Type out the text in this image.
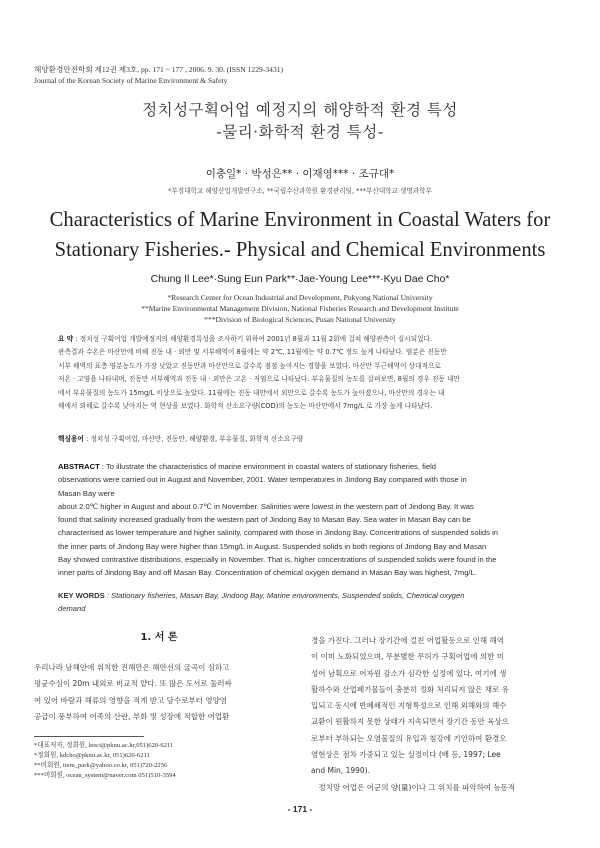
해양환경안전학회 제12권 제3호, pp. 171 ~ 177 , 2006. 9. 30. (ISSN 1229-3431)
Journal of the Korean Society of Marine Environment & Safety
정치성구획어업 예정지의 해양학적 환경 특성
-물리·화학적 환경 특성-
이충일* · 박성은** · 이재영*** · 조규대*
*부경대학교 해양산업개발연구소, **국립수산과학원 환경관리팀, ***부산대학교 생명과학부
Characteristics of Marine Environment in Coastal Waters for
Stationary Fisheries.- Physical and Chemical Environments
Chung Il Lee*·Sung Eun Park**·Jae-Young Lee***·Kyu Dae Cho*
*Research Center for Ocean Industrial and Development, Pukyong National University
**Marine Environmental Management Division, National Fisheries Research and Development Institute
***Division of Biological Sciences, Pusan National University
요 약 : 정치성 구획어업 개발예정지의 해양환경특성을 조사하기 위하여 2001년 8월과 11월 2회에 걸쳐 해양관측이 실시되었다.
관측결과 수온은 마산만에 비해 진동 내 · 외만 및 서부해역이 8월에는 약 2℃, 11월에는 약 0.7℃ 정도 높게 나타났다. 염분은 진동만
서부 해역의 표층 염분농도가 가장 낮았고 진동만과 마산만으로 갈수록 점점 높아지는 경향을 보였다. 마산만 무근해역이 상대적으로
저온 · 고염을 나타내며, 진동만 서부해역과 진동 내 · 외만은 고온 · 저염으로 나타났다. 부유물질의 농도를 살펴보면, 8월의 경우 진동 내만
에서 부유물질의 농도가 15mg/L 이상으로 높았다. 11월에는 진동 내만에서 외만으로 갈수록 농도가 높아졌으나, 마산만의 경우는 내
해에서 외해로 갈수록 낮아지는 역 현상을 보였다. 화학적 산소요구량(COD)의 농도는 마산만에서 7mg/L 로 가장 높게 나타났다.
핵심용어 : 정치성 구획어업, 마산만, 진동만, 해양환경, 부유물질, 화학적 산소요구량
ABSTRACT : To illustrate the characteristics of marine environment in coastal waters of stationary fisheries, field
observations were carried out in August and November, 2001. Water temperatures in Jindong Bay compared with those in
Masan Bay were
about 2.0℃ higher in August and about 0.7℃ in November. Salinities were lowest in the western part of Jindong Bay. It was
found that salinity increased gradually from the western part of Jindong Bay to Masan Bay. Sea water in Masan Bay can be
characterised as lower temperature and higher salinity, compared with those in Jindong Bay. Concentrations of suspended solids in
the inner parts of Jindong Bay were higher than 15mg/L in August. Suspended solids in both regions of Jindong Bay and Masan
Bay showed contrastive distributions, especially in November. That is, higher concentrations of suspended solids were found in the
inner parts of Jindong Bay and off Masan Bay. Concentration of chemical oxygen demand in Masan Bay was highest, 7mg/L.
KEY WORDS : Stationary fisheries, Masan Bay, Jindong Bay, Marine environments, Suspended solids, Chemical oxygen
demand
1. 서 론
우리나라 남해안에 위치한 진해만은 해안선의 굴곡이 심하고
평균수심이 20m 내외로 비교적 얕다. 또 많은 도서로 둘러싸
여 있어 바람과 해류의 영향을 적게 받고 담수로부터 영양염
공급이 풍부하여 어족의 산란, 부화 및 성장에 적합한 어업환
경을 가진다. 그러나 장기간에 걸친 어업활동으로 인해 해역
이 이미 노화되었으며, 무분별한 무허가 구획어업에 의한 미
성어 남획으로 어자원 감소가 심각한 실정에 있다. 여기에 생
활하수와 산업폐기물들이 충분히 정화 처리되지 않은 채로 유
입되고 동시에 반폐쇄적인 지형특성으로 인해 외해와의 해수
교환이 원활하지 못한 상태가 지속되면서 장기간 동안 육상으
로부터 부하되는 오염물질의 유입과 침강에 기인하여 환경오
염현상은 점차 가중되고 있는 실정이다 (배 등, 1997; Lee
and Min, 1990).
　정치망 어업은 어군의 양(量)이나 그 위치를 파악하여 능동적
*대표저자, 정회원, leeci@pknu.ac.kr,051)620-6211
*정회원, kdcho@pknu.ac.kr, 051)620-6211
**비회원, tiem_park@yahoo.co.kr, 051)720-2256
***비회원, ocean_system@naver.com 051)510-3594
- 171 -
